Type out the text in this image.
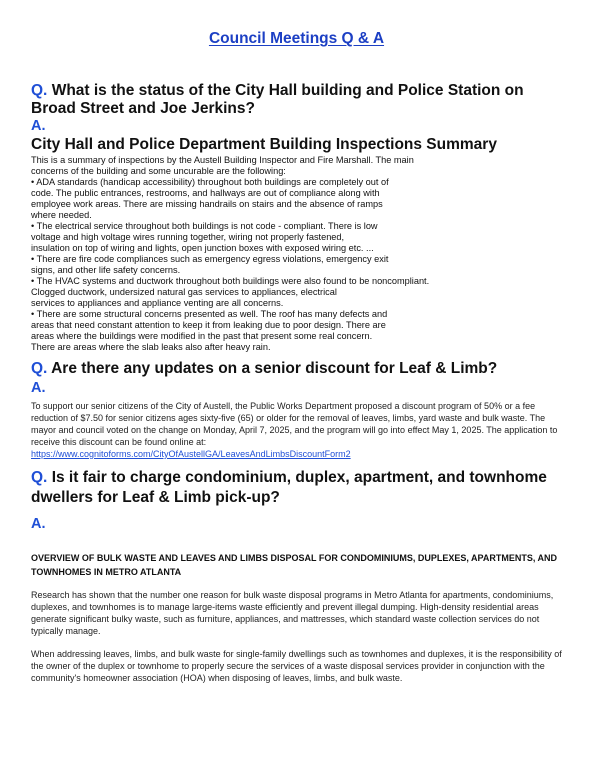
Council Meetings Q & A

Q. What is the status of the City Hall building and Police Station on Broad Street and Joe Jerkins?

A.
City Hall and Police Department Building Inspections Summary

This is a summary of inspections by the Austell Building Inspector and Fire Marshall. The main

concerns of the building and some uncurable are the following:

• ADA standards (handicap accessibility) throughout both buildings are completely out of

code. The public entrances, restrooms, and hallways are out of compliance along with

employee work areas. There are missing handrails on stairs and the absence of ramps

where needed.

• The electrical service throughout both buildings is not code - compliant. There is low

voltage and high voltage wires running together, wiring not properly fastened,

insulation on top of wiring and lights, open junction boxes with exposed wiring etc. ...

• There are fire code compliances such as emergency egress violations, emergency exit

signs, and other life safety concerns.

• The HVAC systems and ductwork throughout both buildings were also found to be noncompliant.

Clogged ductwork, undersized natural gas services to appliances, electrical

services to appliances and appliance venting are all concerns.

• There are some structural concerns presented as well. The roof has many defects and

areas that need constant attention to keep it from leaking due to poor design. There are

areas where the buildings were modified in the past that present some real concern.

There are areas where the slab leaks also after heavy rain.

Q. Are there any updates on a senior discount for Leaf & Limb?

A.
To support our senior citizens of the City of Austell, the Public Works Department proposed a discount program of 50% or a fee reduction of $7.50 for senior citizens ages sixty-five (65) or older for the removal of leaves, limbs, yard waste and bulk waste. The mayor and council voted on the change on Monday, April 7, 2025, and the program will go into effect May 1, 2025. The application to receive this discount can be found online at:
https://www.cognitoforms.com/CityOfAustellGA/LeavesAndLimbsDiscountForm2

Q. Is it fair to charge condominium, duplex, apartment, and townhome dwellers for Leaf & Limb pick-up?

A.

OVERVIEW OF BULK WASTE AND LEAVES AND LIMBS DISPOSAL FOR CONDOMINIUMS, DUPLEXES, APARTMENTS, AND TOWNHOMES IN METRO ATLANTA

Research has shown that the number one reason for bulk waste disposal programs in Metro Atlanta for apartments, condominiums, duplexes, and townhomes is to manage large-items waste efficiently and prevent illegal dumping. High-density residential areas generate significant bulky waste, such as furniture, appliances, and mattresses, which standard waste collection services do not typically manage.

When addressing leaves, limbs, and bulk waste for single-family dwellings such as townhomes and duplexes, it is the responsibility of the owner of the duplex or townhome to properly secure the services of a waste disposal services provider in conjunction with the community's homeowner association (HOA) when disposing of leaves, limbs, and bulk waste.
